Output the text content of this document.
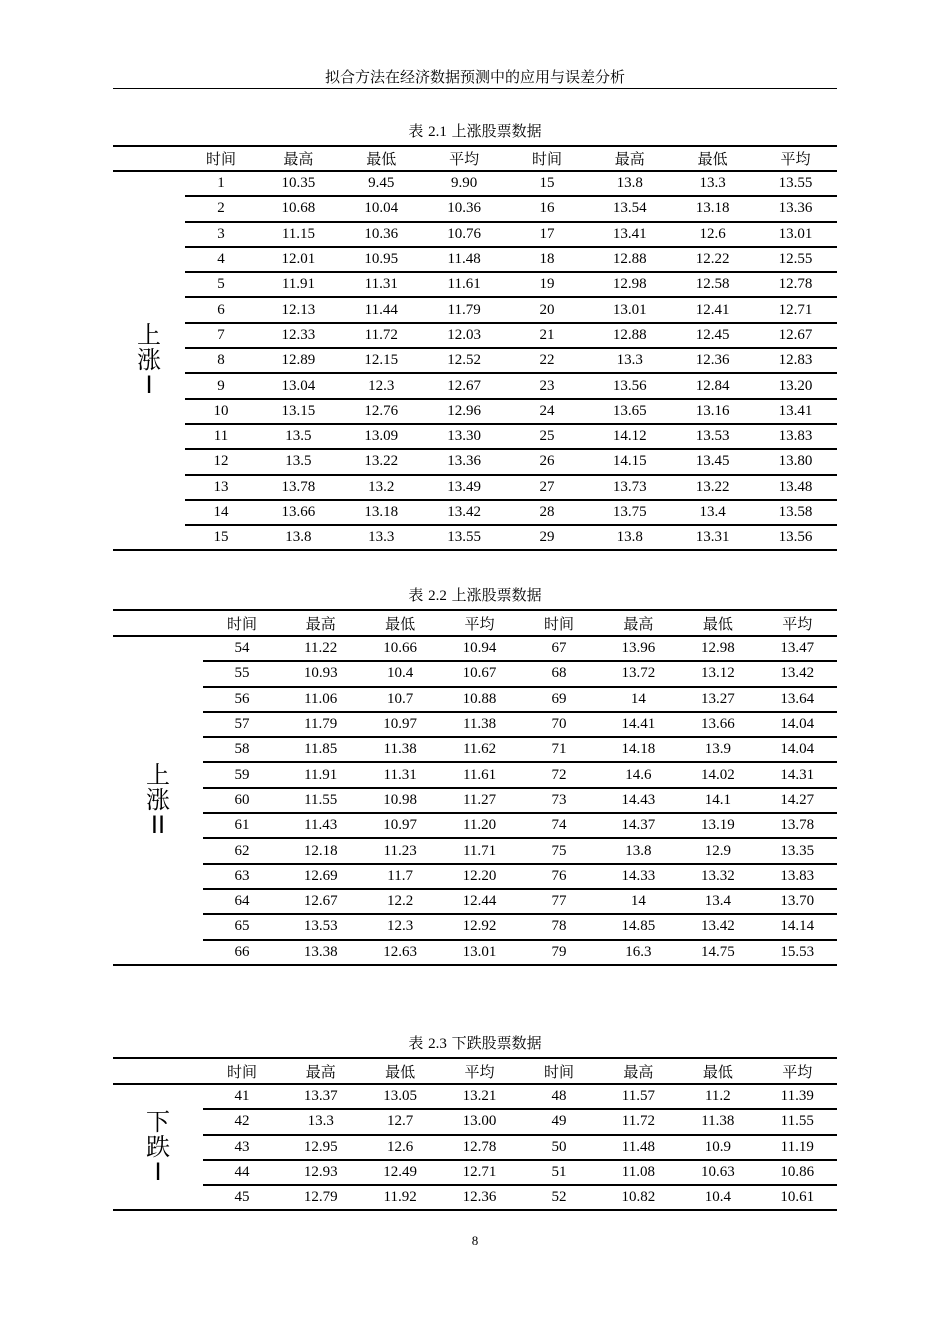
拟合方法在经济数据预测中的应用与误差分析
表 2.1 上涨股票数据
	时间	最高	最低	平均	时间	最高	最低	平均

上
涨
I	1	10.35	9.45	9.90	15	13.8	13.3	13.55
	2	10.68	10.04	10.36	16	13.54	13.18	13.36
	3	11.15	10.36	10.76	17	13.41	12.6	13.01
	4	12.01	10.95	11.48	18	12.88	12.22	12.55
	5	11.91	11.31	11.61	19	12.98	12.58	12.78
	6	12.13	11.44	11.79	20	13.01	12.41	12.71
	7	12.33	11.72	12.03	21	12.88	12.45	12.67
	8	12.89	12.15	12.52	22	13.3	12.36	12.83
	9	13.04	12.3	12.67	23	13.56	12.84	13.20
	10	13.15	12.76	12.96	24	13.65	13.16	13.41
	11	13.5	13.09	13.30	25	14.12	13.53	13.83
	12	13.5	13.22	13.36	26	14.15	13.45	13.80
	13	13.78	13.2	13.49	27	13.73	13.22	13.48
	14	13.66	13.18	13.42	28	13.75	13.4	13.58
	15	13.8	13.3	13.55	29	13.8	13.31	13.56
表 2.2 上涨股票数据
	时间	最高	最低	平均	时间	最高	最低	平均

上
涨
II	54	11.22	10.66	10.94	67	13.96	12.98	13.47
	55	10.93	10.4	10.67	68	13.72	13.12	13.42
	56	11.06	10.7	10.88	69	14	13.27	13.64
	57	11.79	10.97	11.38	70	14.41	13.66	14.04
	58	11.85	11.38	11.62	71	14.18	13.9	14.04
	59	11.91	11.31	11.61	72	14.6	14.02	14.31
	60	11.55	10.98	11.27	73	14.43	14.1	14.27
	61	11.43	10.97	11.20	74	14.37	13.19	13.78
	62	12.18	11.23	11.71	75	13.8	12.9	13.35
	63	12.69	11.7	12.20	76	14.33	13.32	13.83
	64	12.67	12.2	12.44	77	14	13.4	13.70
	65	13.53	12.3	12.92	78	14.85	13.42	14.14
	66	13.38	12.63	13.01	79	16.3	14.75	15.53
表 2.3 下跌股票数据
	时间	最高	最低	平均	时间	最高	最低	平均

下
跌
I	41	13.37	13.05	13.21	48	11.57	11.2	11.39
	42	13.3	12.7	13.00	49	11.72	11.38	11.55
	43	12.95	12.6	12.78	50	11.48	10.9	11.19
	44	12.93	12.49	12.71	51	11.08	10.63	10.86
	45	12.79	11.92	12.36	52	10.82	10.4	10.61
8
